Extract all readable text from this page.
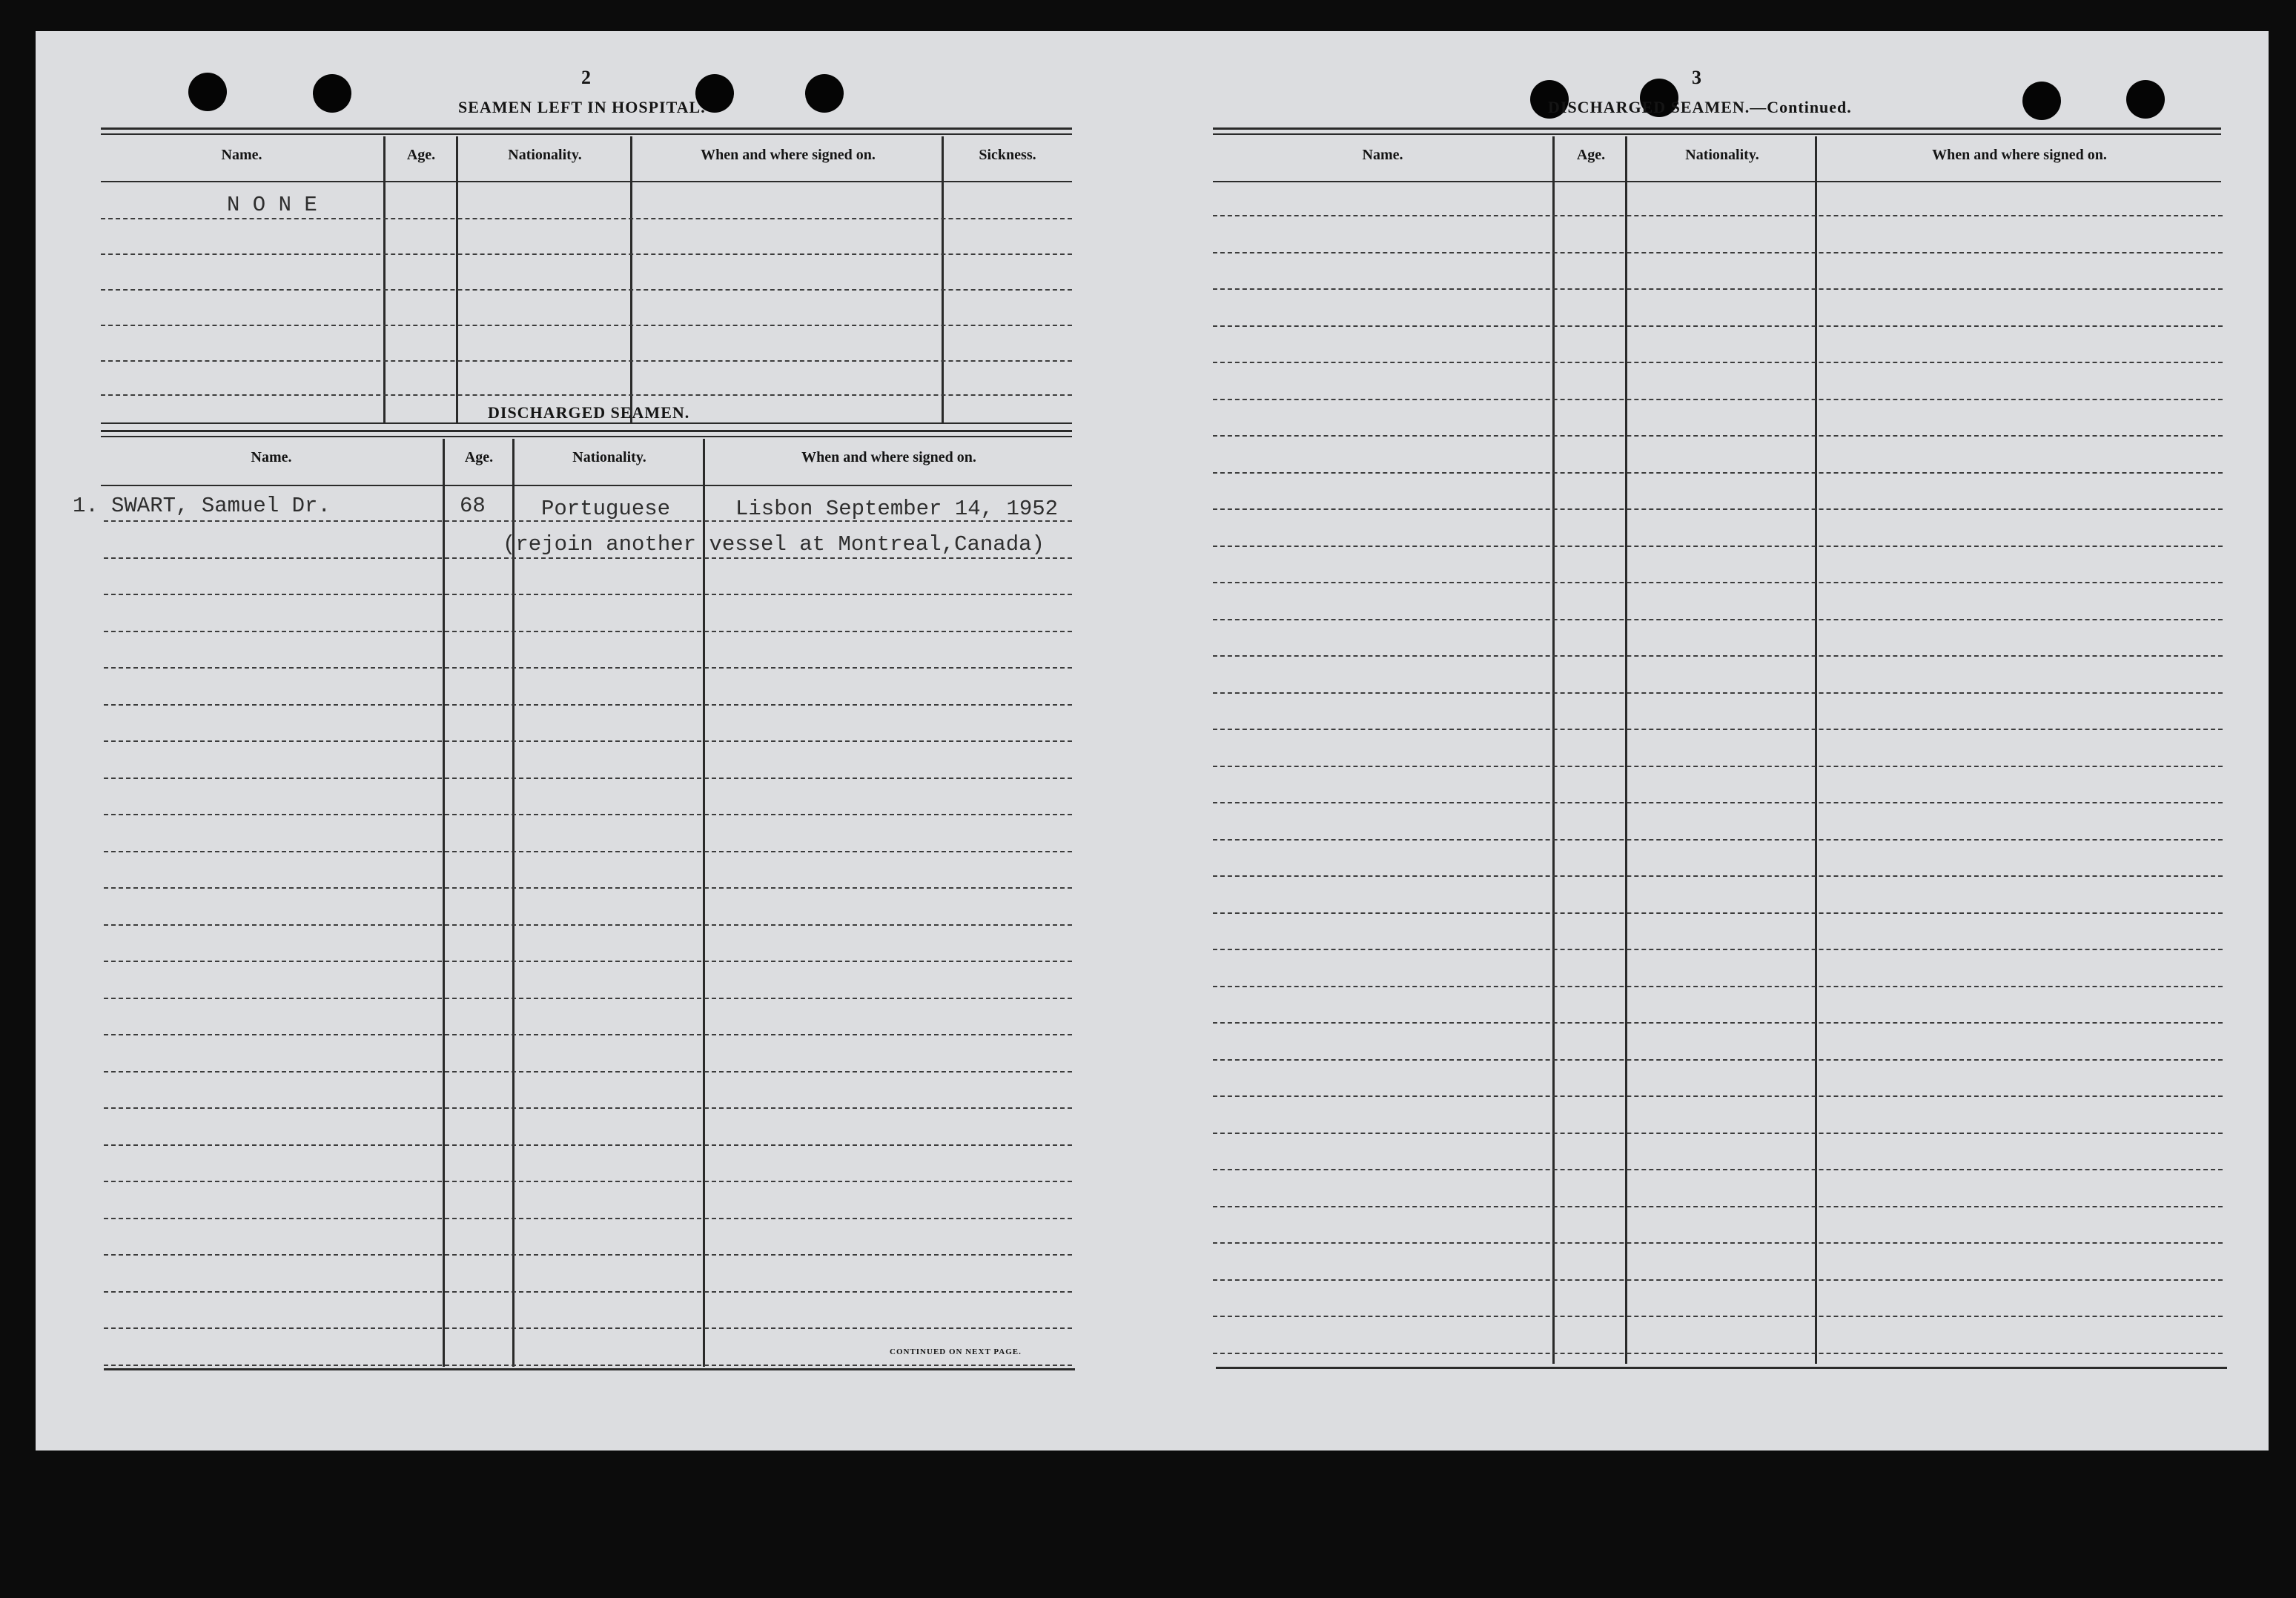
2
SEAMEN LEFT IN HOSPITAL.
Name.	Age.	Nationality.	When and where signed on.	Sickness.
N O N E
DISCHARGED SEAMEN.
Name.	Age.	Nationality.	When and where signed on.
CONTINUED ON NEXT PAGE.
1. SWART, Samuel Dr.	68	Portuguese	Lisbon September 14, 1952
(rejoin another vessel at Montreal,Canada)
3
DISCHARGED SEAMEN.—Continued.
Name.	Age.	Nationality.	When and where signed on.
